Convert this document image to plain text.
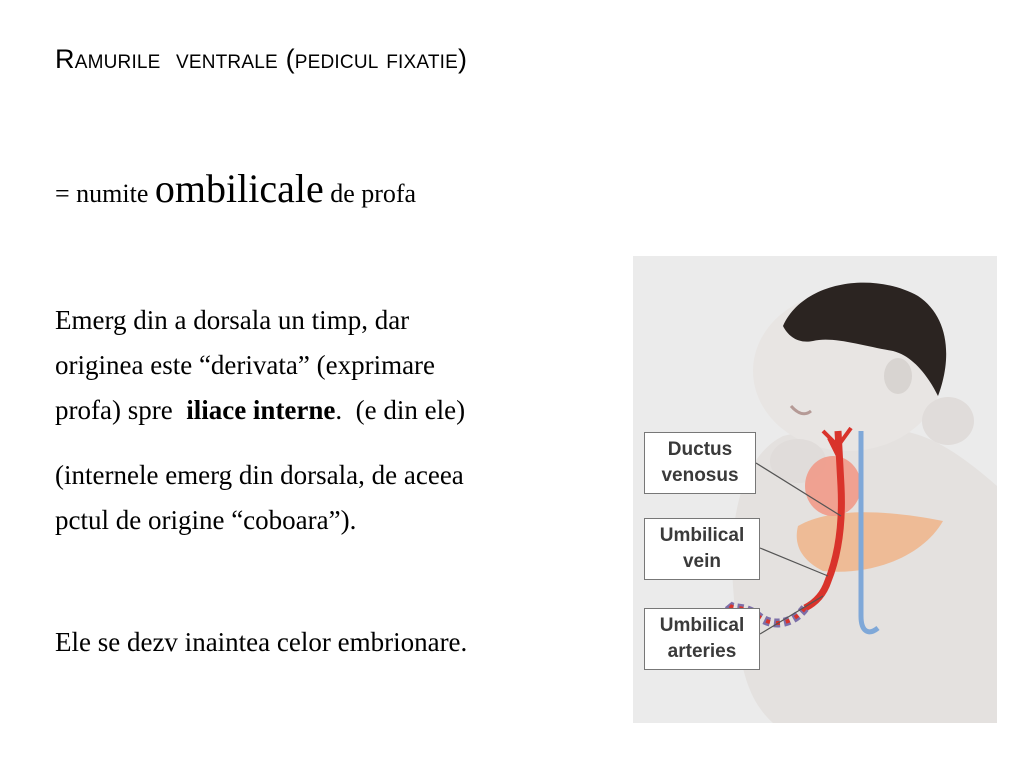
Ramurile  ventrale (pedicul fixatie)
= numite ombilicale de profa
Emerg din a dorsala un timp, dar
originea este “derivata” (exprimare
profa) spre  iliace interne.  (e din ele)
(internele emerg din dorsala, de aceea
pctul de origine “coboara”).
Ele se dezv inaintea celor embrionare.
Ductus
venosus
Umbilical
vein
Umbilical
arteries
